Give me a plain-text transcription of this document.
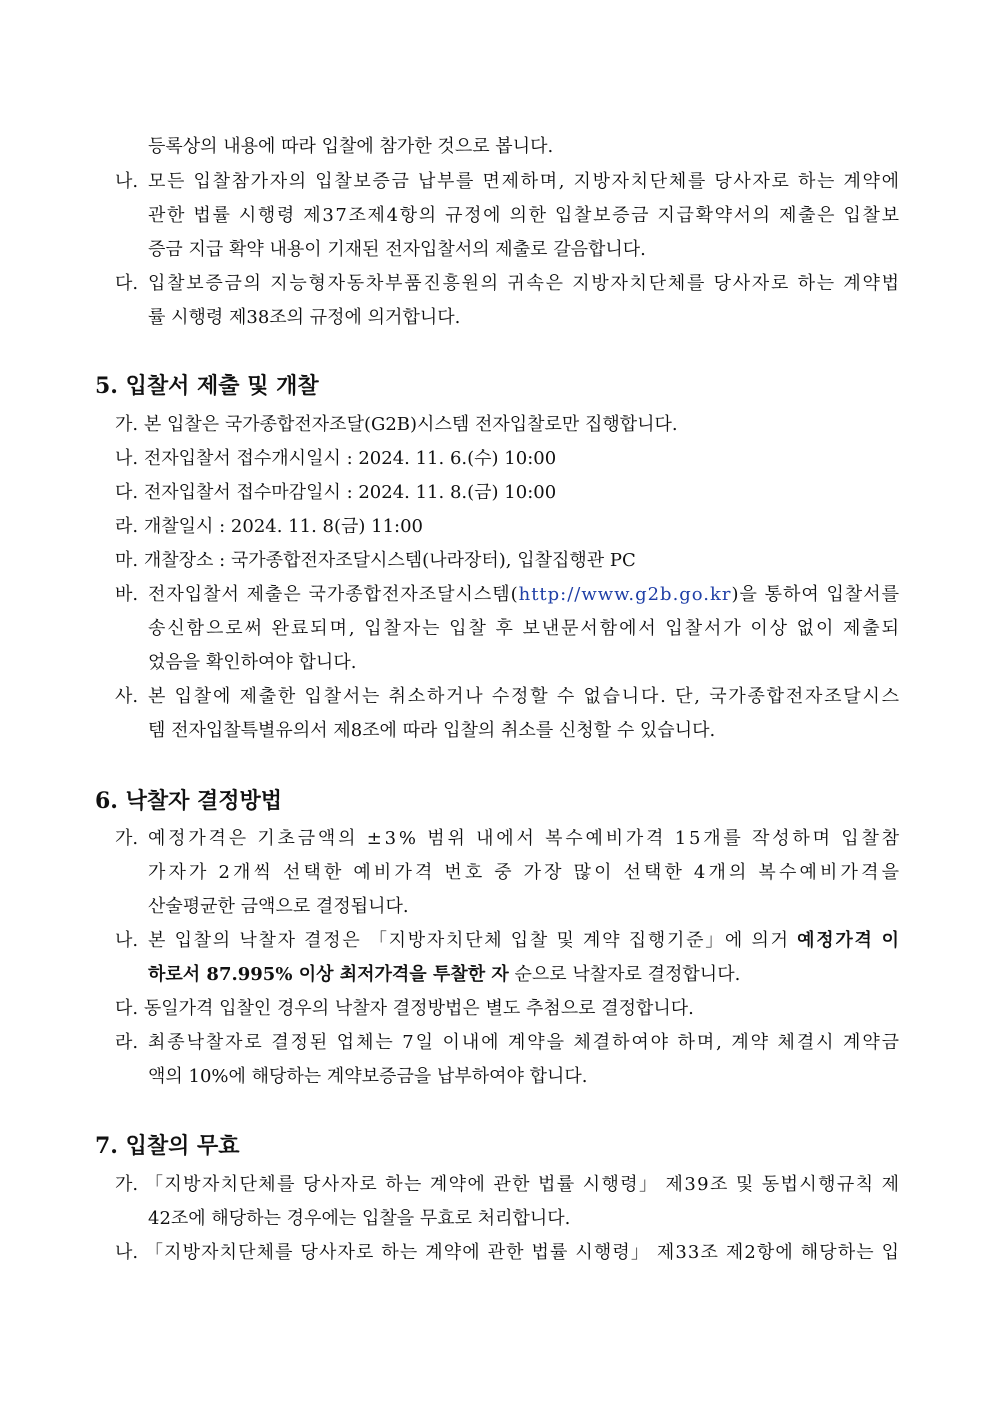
등록상의 내용에 따라 입찰에 참가한 것으로 봅니다.
나. 모든 입찰참가자의 입찰보증금 납부를 면제하며, 지방자치단체를 당사자로 하는 계약에
관한 법률 시행령 제37조제4항의 규정에 의한 입찰보증금 지급확약서의 제출은 입찰보
증금 지급 확약 내용이 기재된 전자입찰서의 제출로 갈음합니다.
다. 입찰보증금의 지능형자동차부품진흥원의 귀속은 지방자치단체를 당사자로 하는 계약법
률 시행령 제38조의 규정에 의거합니다.
5. 입찰서 제출 및 개찰
가. 본 입찰은 국가종합전자조달(G2B)시스템 전자입찰로만 집행합니다.
나. 전자입찰서 접수개시일시 : 2024. 11. 6.(수) 10:00
다. 전자입찰서 접수마감일시 : 2024. 11. 8.(금) 10:00
라. 개찰일시 : 2024. 11. 8(금) 11:00
마. 개찰장소 : 국가종합전자조달시스템(나라장터), 입찰집행관 PC
바. 전자입찰서 제출은 국가종합전자조달시스템(http://www.g2b.go.kr)을 통하여 입찰서를
송신함으로써 완료되며, 입찰자는 입찰 후 보낸문서함에서 입찰서가 이상 없이 제출되
었음을 확인하여야 합니다.
사. 본 입찰에 제출한 입찰서는 취소하거나 수정할 수 없습니다. 단, 국가종합전자조달시스
템 전자입찰특별유의서 제8조에 따라 입찰의 취소를 신청할 수 있습니다.
6. 낙찰자 결정방법
가. 예정가격은 기초금액의 ±3% 범위 내에서 복수예비가격 15개를 작성하며 입찰참
가자가 2개씩 선택한 예비가격 번호 중 가장 많이 선택한 4개의 복수예비가격을
산술평균한 금액으로 결정됩니다.
나. 본 입찰의 낙찰자 결정은 「지방자치단체 입찰 및 계약 집행기준」에 의거 예정가격 이
하로서 87.995% 이상 최저가격을 투찰한 자 순으로 낙찰자로 결정합니다.
다. 동일가격 입찰인 경우의 낙찰자 결정방법은 별도 추첨으로 결정합니다.
라. 최종낙찰자로 결정된 업체는 7일 이내에 계약을 체결하여야 하며, 계약 체결시 계약금
액의 10%에 해당하는 계약보증금을 납부하여야 합니다.
7. 입찰의 무효
가. 「지방자치단체를 당사자로 하는 계약에 관한 법률 시행령」 제39조 및 동법시행규칙 제
42조에 해당하는 경우에는 입찰을 무효로 처리합니다.
나. 「지방자치단체를 당사자로 하는 계약에 관한 법률 시행령」 제33조 제2항에 해당하는 입
